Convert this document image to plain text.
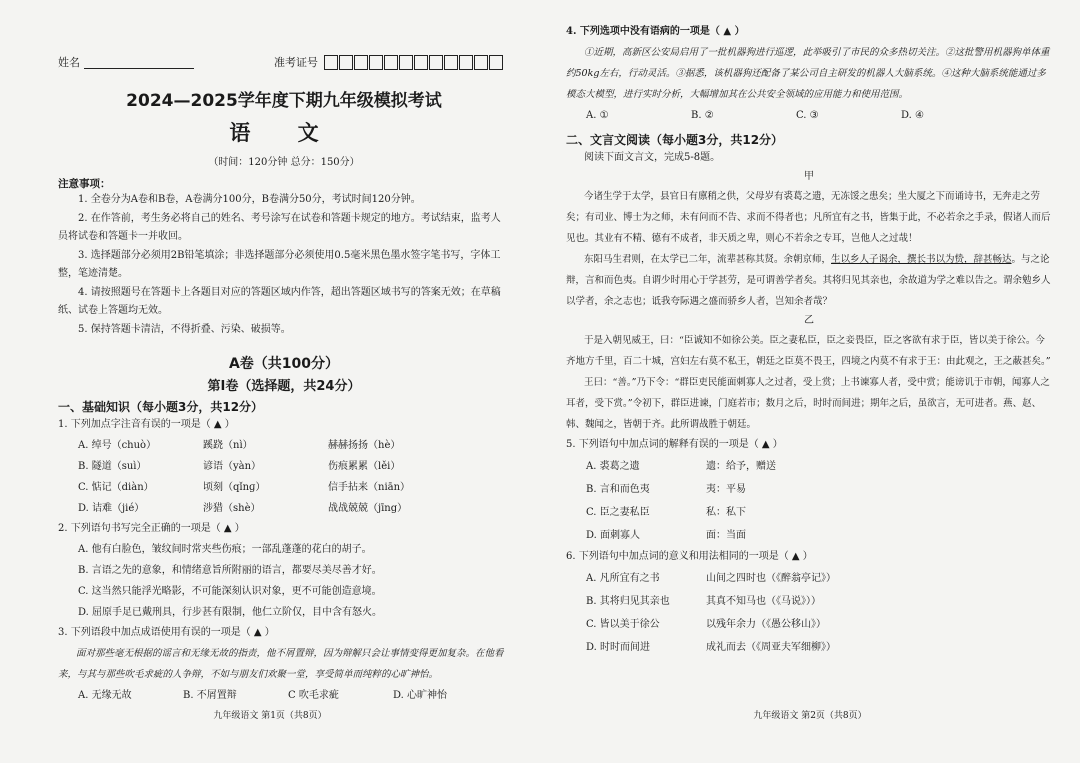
姓名	准考证号
2024—2025学年度下期九年级模拟考试
语 文
（时间：120分钟 总分：150分）
注意事项：

1. 全卷分为A卷和B卷，A卷满分100分，B卷满分50分，考试时间120分钟。

2. 在作答前，考生务必将自己的姓名、考号涂写在试卷和答题卡规定的地方。考试结束，监考人员将试卷和答题卡一并收回。

3. 选择题部分必须用2B铅笔填涂；非选择题部分必须使用0.5毫米黑色墨水签字笔书写，字体工整，笔迹清楚。

4. 请按照题号在答题卡上各题目对应的答题区域内作答，超出答题区域书写的答案无效；在草稿纸、试卷上答题均无效。

5. 保持答题卡清洁，不得折叠、污染、破损等。

A卷（共100分）
第Ⅰ卷（选择题，共24分）
一、基础知识（每小题3分，共12分）
1. 下列加点字注音有误的一项是（ ▲ ）
A. 绰号（chuò）	蹊跷（nì）	赫赫扬扬（hè）
B. 隧道（suì）	谚语（yàn）	伤痕累累（lěi）
C. 惦记（diàn）	顷刻（qǐnɡ）	信手拈来（niān）
D. 诘难（jié）	涉猎（shè）	战战兢兢（jīng）
2. 下列语句书写完全正确的一项是（ ▲ ）
A. 他有白脸色，皱纹间时常夹些伤痕；一部乱蓬蓬的花白的胡子。
B. 言语之先的意象，和情绪意旨所附丽的语言，都要尽美尽善才好。
C. 这当然只能浮光略影，不可能深刻认识对象，更不可能创造意境。
D. 屈原手足已戴刑具，行步甚有限制，他仁立阶仅，目中含有怒火。
3. 下列语段中加点成语使用有误的一项是（ ▲ ）
面对那些毫无根据的谣言和无缘无故的指责，他不屑置辩，因为辩解只会让事情变得更加复杂。在他看来，与其与那些吹毛求疵的人争辩，不如与朋友们欢聚一堂，享受简单而纯粹的心旷神怡。
A. 无缘无故	B. 不屑置辩	C 吹毛求疵	D. 心旷神怡
九年级语文 第1页（共8页）
4. 下列选项中没有语病的一项是（ ▲ ）
①近期，高新区公安局启用了一批机器狗进行巡逻，此举吸引了市民的众多热切关注。②这批警用机器狗单体重约50kg左右，行动灵活。③据悉，该机器狗还配备了某公司自主研发的机器人大脑系统。④这种大脑系统能通过多模态大模型，进行实时分析，大幅增加其在公共安全领域的应用能力和使用范围。
A. ①	B. ②	C. ③	D. ④
二、文言文阅读（每小题3分，共12分）
阅读下面文言文，完成5-8题。
甲
今诸生学于太学，县官日有廪稍之供，父母岁有裘葛之遗，无冻馁之患矣；坐大厦之下而诵诗书，无奔走之劳矣；有司业、博士为之师，未有问而不告、求而不得者也；凡所宜有之书，皆集于此，不必若余之手录，假诸人而后见也。其业有不精、德有不成者，非天质之卑，则心不若余之专耳，岂他人之过哉！
东阳马生君则，在太学已二年，流辈甚称其贤。余朝京师，生以乡人子谒余，撰长书以为贽，辞甚畅达。与之论辩，言和而色夷。自谓少时用心于学甚劳，是可谓善学者矣。其将归见其亲也，余故道为学之难以告之。谓余勉乡人以学者，余之志也；诋我夸际遇之盛而骄乡人者，岂知余者哉？
乙
于是入朝见威王，曰：“臣诚知不如徐公美。臣之妻私臣，臣之妾畏臣，臣之客欲有求于臣，皆以美于徐公。今齐地方千里，百二十城，宫妇左右莫不私王，朝廷之臣莫不畏王，四境之内莫不有求于王：由此观之，王之蔽甚矣。”
王曰：“善。”乃下令：“群臣吏民能面刺寡人之过者，受上赏；上书谏寡人者，受中赏；能谤讥于市朝，闻寡人之耳者，受下赏。”令初下，群臣进谏，门庭若市；数月之后，时时而间进；期年之后，虽欲言，无可进者。燕、赵、韩、魏闻之，皆朝于齐。此所谓战胜于朝廷。
5. 下列语句中加点词的解释有误的一项是（ ▲ ）
A. 裘葛之遗	遗：给予，赠送
B. 言和而色夷	夷：平易
C. 臣之妻私臣	私：私下
D. 面刺寡人	面：当面
6. 下列语句中加点词的意义和用法相同的一项是（ ▲ ）
A. 凡所宜有之书	山间之四时也（《醉翁亭记》）
B. 其将归见其亲也	其真不知马也（《马说》））
C. 皆以美于徐公	以残年余力（《愚公移山》）
D. 时时而间进	成礼而去（《周亚夫军细柳》）
九年级语文 第2页（共8页）
